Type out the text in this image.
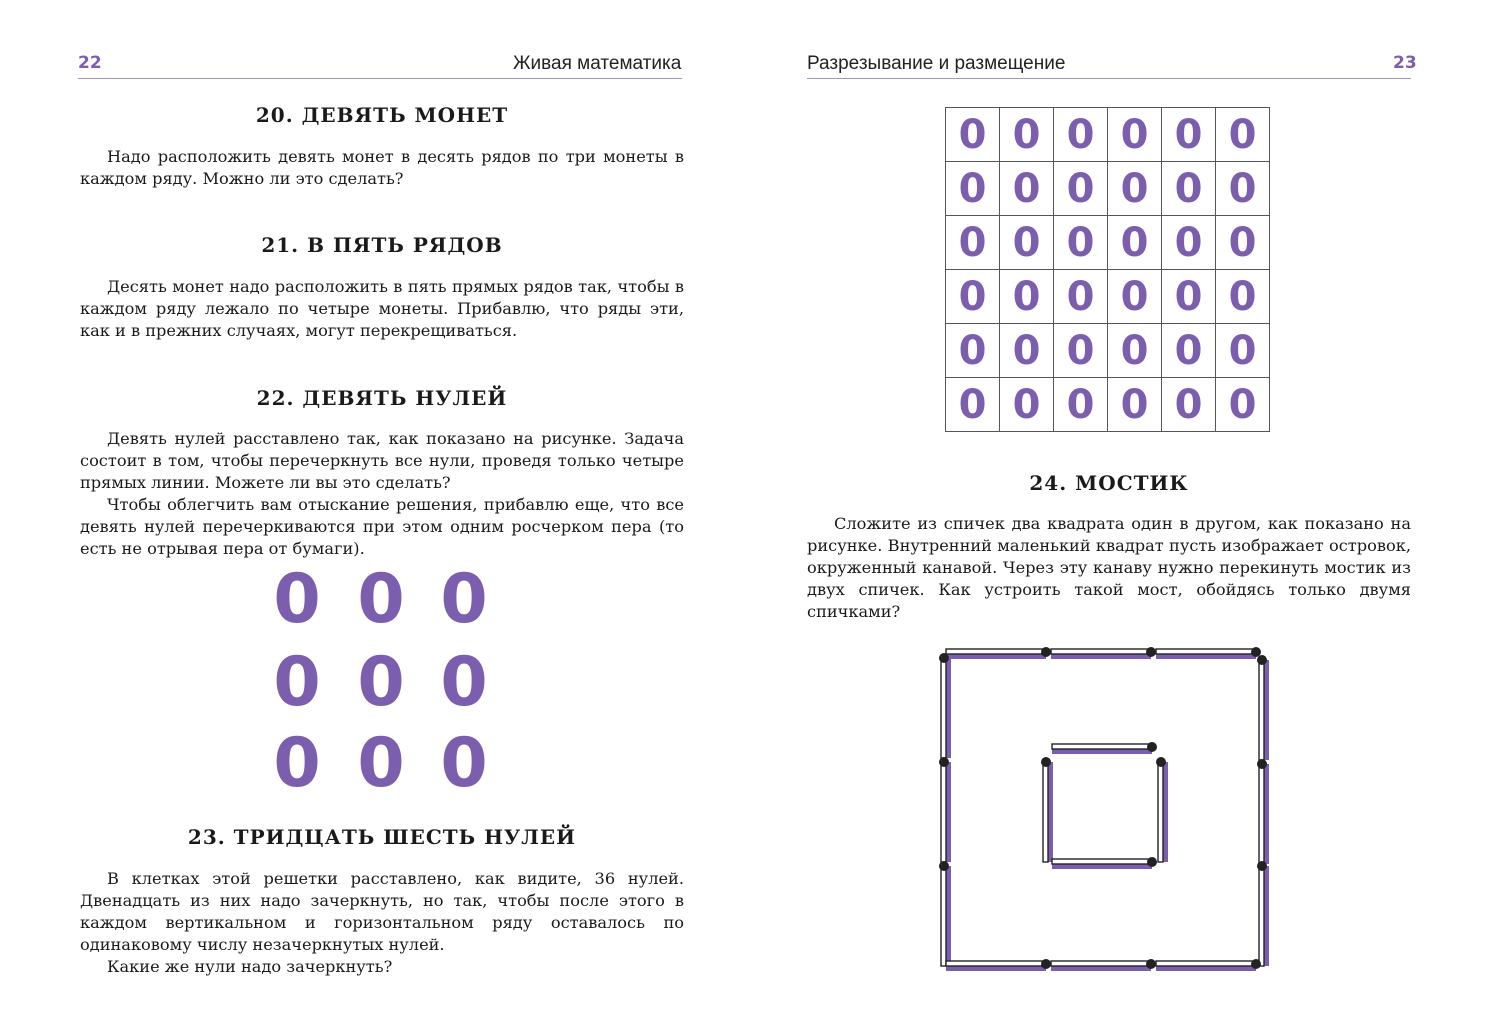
22	Живая математика
20. ДЕВЯТЬ МОНЕТ

Надо расположить девять монет в десять рядов по три монеты в каждом ряду. Можно ли это сделать?

21. В ПЯТЬ РЯДОВ

Десять монет надо расположить в пять прямых рядов так, чтобы в каждом ряду лежало по четыре монеты. Прибавлю, что ряды эти, как и в прежних случаях, могут перекрещиваться.

22. ДЕВЯТЬ НУЛЕЙ

Девять нулей расставлено так, как показано на рисунке. Задача состоит в том, чтобы перечеркнуть все нули, проведя только четыре прямых линии. Можете ли вы это сделать?

Чтобы облегчить вам отыскание решения, прибавлю еще, что все девять нулей перечеркиваются при этом одним росчерком пера (то есть не отрывая пера от бумаги).

0 0 0
0 0 0
0 0 0
23. ТРИДЦАТЬ ШЕСТЬ НУЛЕЙ

В клетках этой решетки расставлено, как видите, 36 нулей. Двенадцать из них надо зачеркнуть, но так, чтобы после этого в каждом вертикальном и горизонтальном ряду оставалось по одинаковому числу незачеркнутых нулей.

Какие же нули надо зачеркнуть?

Разрезывание и размещение	23
0	0	0	0	0	0
0	0	0	0	0	0
0	0	0	0	0	0
0	0	0	0	0	0
0	0	0	0	0	0
0	0	0	0	0	0
24. МОСТИК

Сложите из спичек два квадрата один в другом, как показано на рисунке. Внутренний маленький квадрат пусть изображает островок, окруженный канавой. Через эту канаву нужно перекинуть мостик из двух спичек. Как устроить такой мост, обойдясь только двумя спичками?
